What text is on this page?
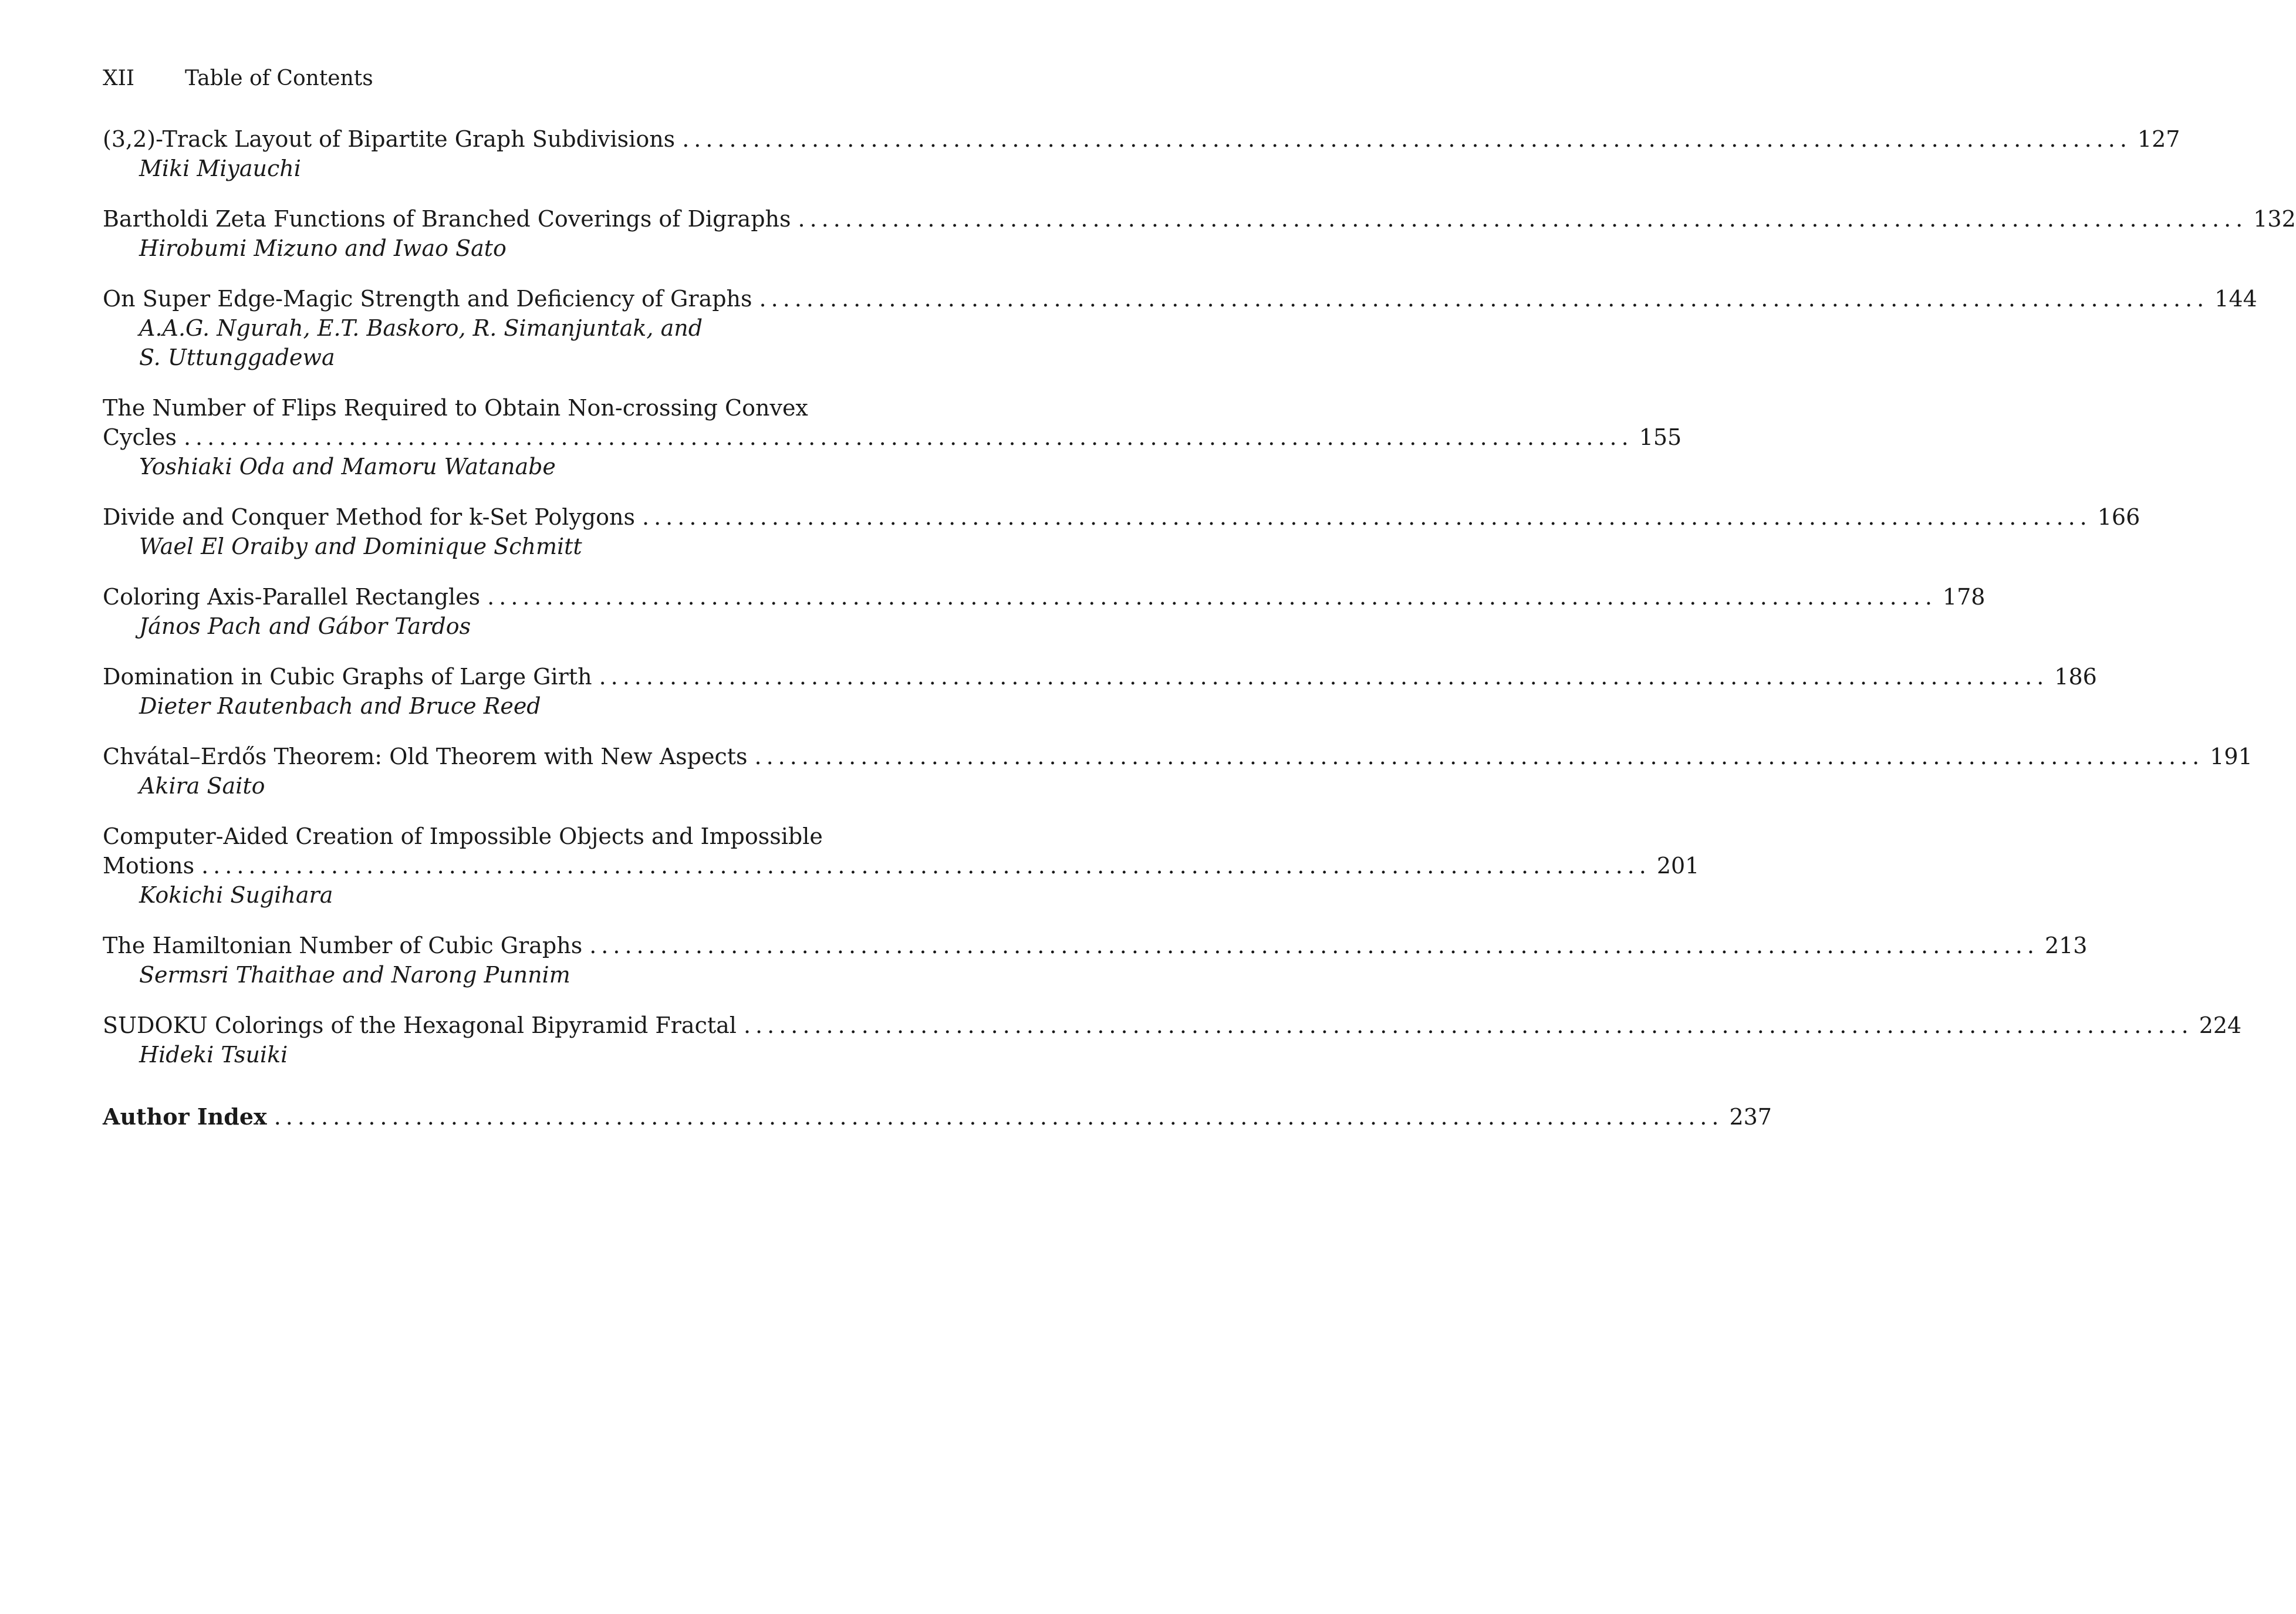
XII Table of Contents
(3,2)-Track Layout of Bipartite Graph Subdivisions ........................................................................................................................... 127
Miki Miyauchi
Bartholdi Zeta Functions of Branched Coverings of Digraphs ........................................................................................................................... 132
Hirobumi Mizuno and Iwao Sato
On Super Edge-Magic Strength and Deficiency of Graphs ........................................................................................................................... 144
A.A.G. Ngurah, E.T. Baskoro, R. Simanjuntak, and
S. Uttunggadewa
The Number of Flips Required to Obtain Non-crossing Convex
Cycles ........................................................................................................................... 155
Yoshiaki Oda and Mamoru Watanabe
Divide and Conquer Method for k-Set Polygons ........................................................................................................................... 166
Wael El Oraiby and Dominique Schmitt
Coloring Axis-Parallel Rectangles ........................................................................................................................... 178
János Pach and Gábor Tardos
Domination in Cubic Graphs of Large Girth ........................................................................................................................... 186
Dieter Rautenbach and Bruce Reed
Chvátal–Erdős Theorem: Old Theorem with New Aspects ........................................................................................................................... 191
Akira Saito
Computer-Aided Creation of Impossible Objects and Impossible
Motions ........................................................................................................................... 201
Kokichi Sugihara
The Hamiltonian Number of Cubic Graphs ........................................................................................................................... 213
Sermsri Thaithae and Narong Punnim
SUDOKU Colorings of the Hexagonal Bipyramid Fractal ........................................................................................................................... 224
Hideki Tsuiki
Author Index ........................................................................................................................... 237
